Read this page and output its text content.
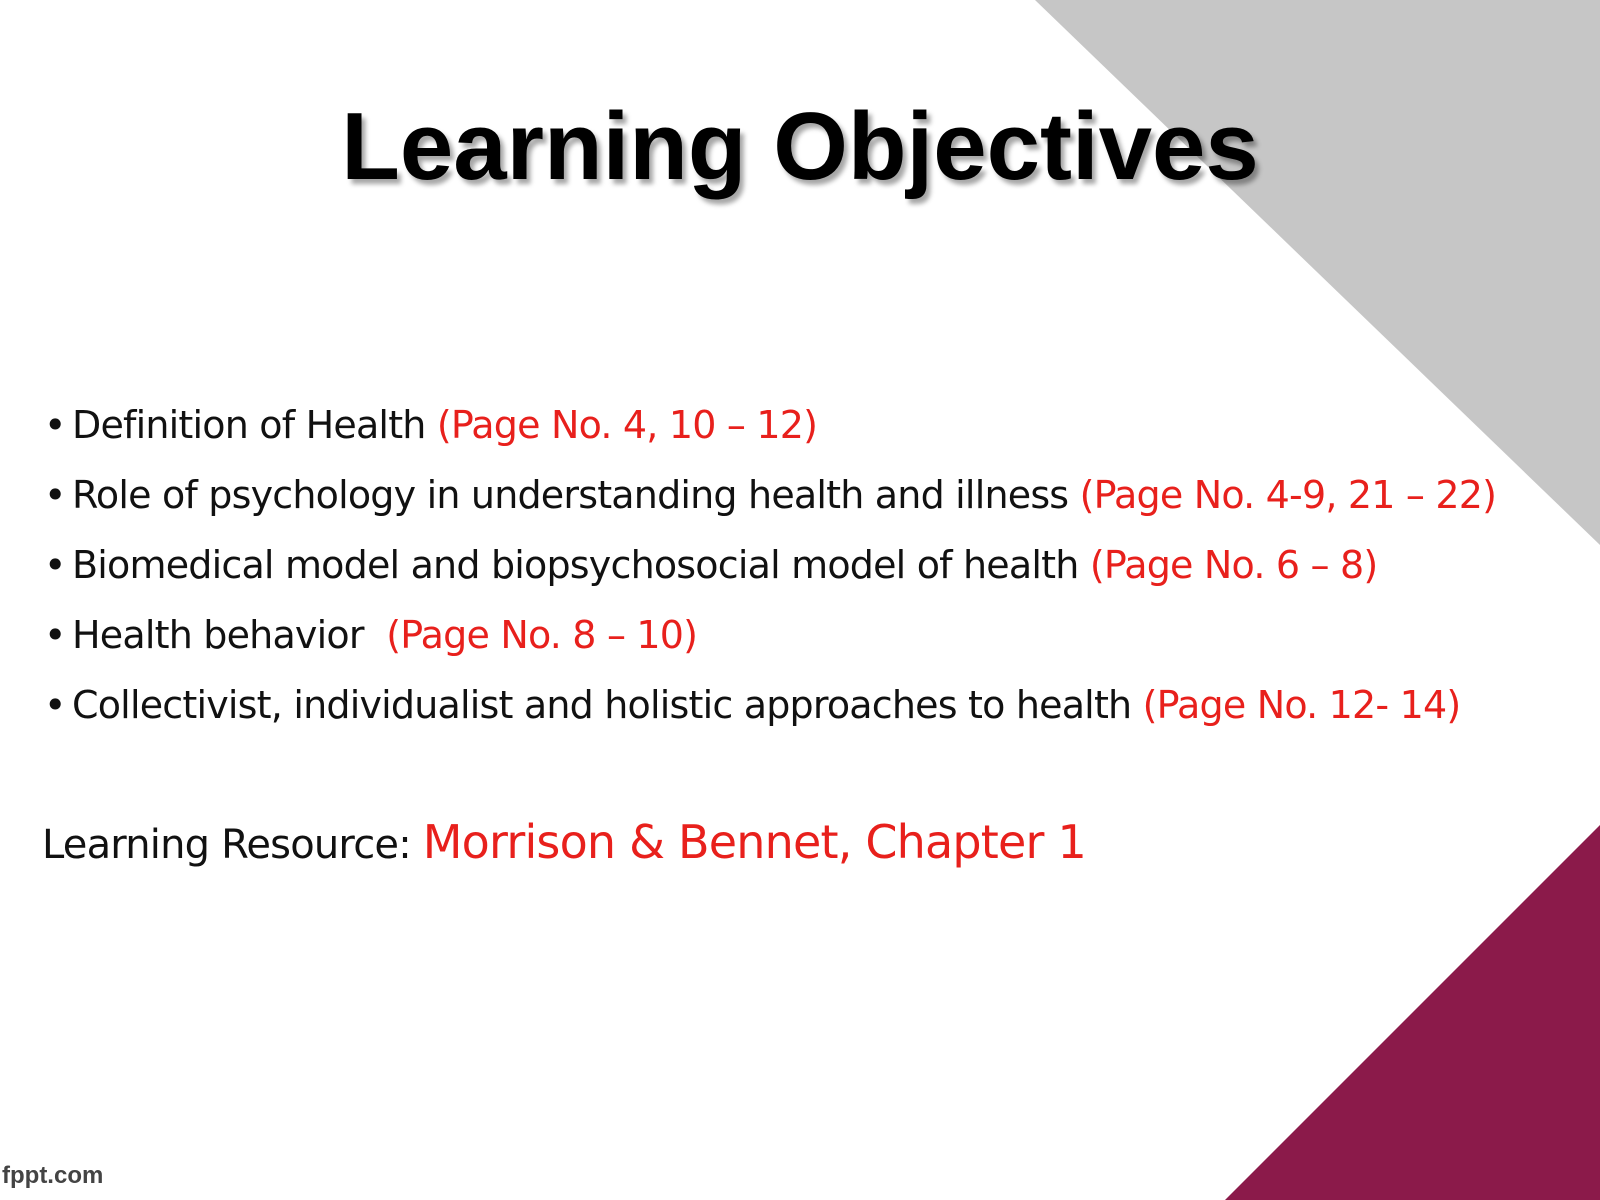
Learning Objectives
• Definition of Health (Page No. 4, 10 – 12)
• Role of psychology in understanding health and illness (Page No. 4-9, 21 – 22)
• Biomedical model and biopsychosocial model of health (Page No. 6 – 8)
• Health behavior  (Page No. 8 – 10)
• Collectivist, individualist and holistic approaches to health (Page No. 12- 14)
Learning Resource: Morrison & Bennet, Chapter 1
fppt.com
